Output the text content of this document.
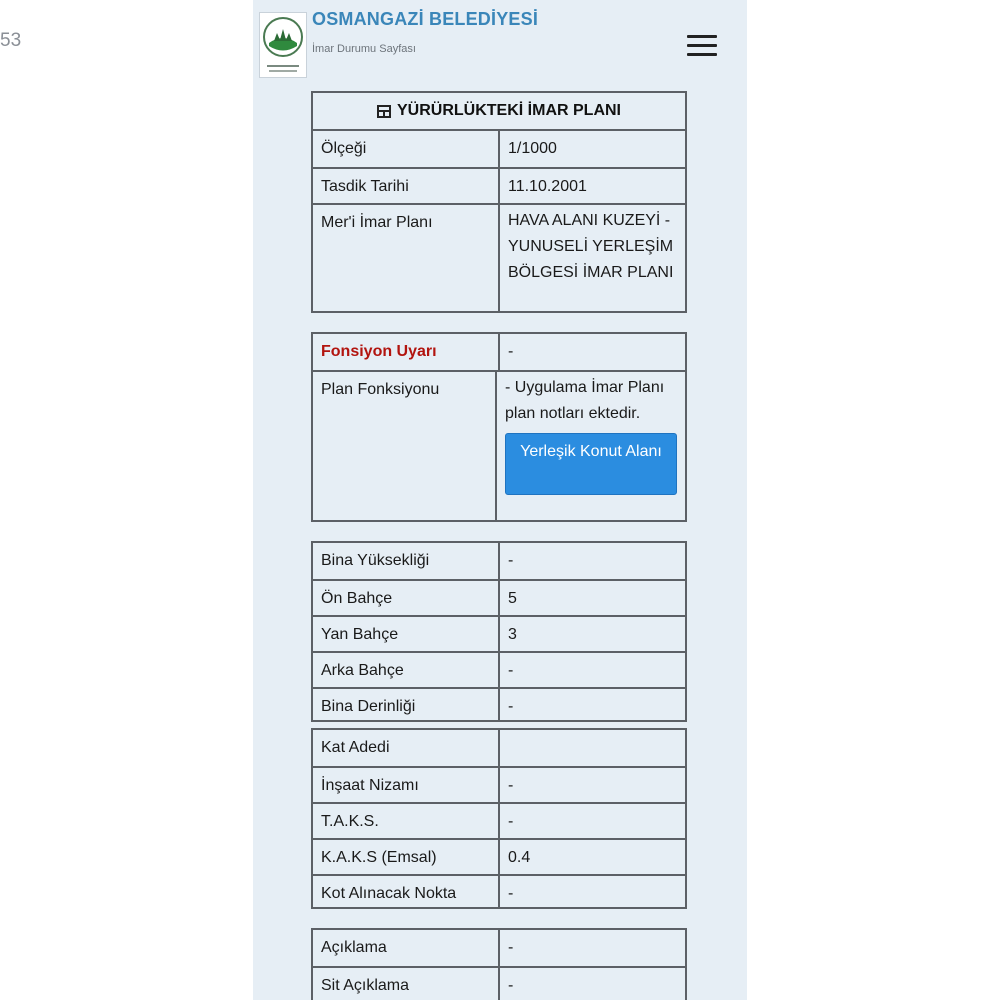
53
OSMANGAZİ BELEDİYESİ
İmar Durumu Sayfası
YÜRÜRLÜKTEKİ İMAR PLANI
Ölçeği	1/1000
Tasdik Tarihi	11.10.2001
Mer'i İmar Planı	HAVA ALANI KUZEYİ - YUNUSELİ YERLEŞİM BÖLGESİ İMAR PLANI
Fonsiyon Uyarı	-
Plan Fonksiyonu	- Uygulama İmar Planı plan notları ektedir.
Yerleşik Konut Alanı
Bina Yüksekliği	-
Ön Bahçe	5
Yan Bahçe	3
Arka Bahçe	-
Bina Derinliği	-
Kat Adedi
İnşaat Nizamı	-
T.A.K.S.	-
K.A.K.S (Emsal)	0.4
Kot Alınacak Nokta	-
Açıklama	-
Sit Açıklama	-
